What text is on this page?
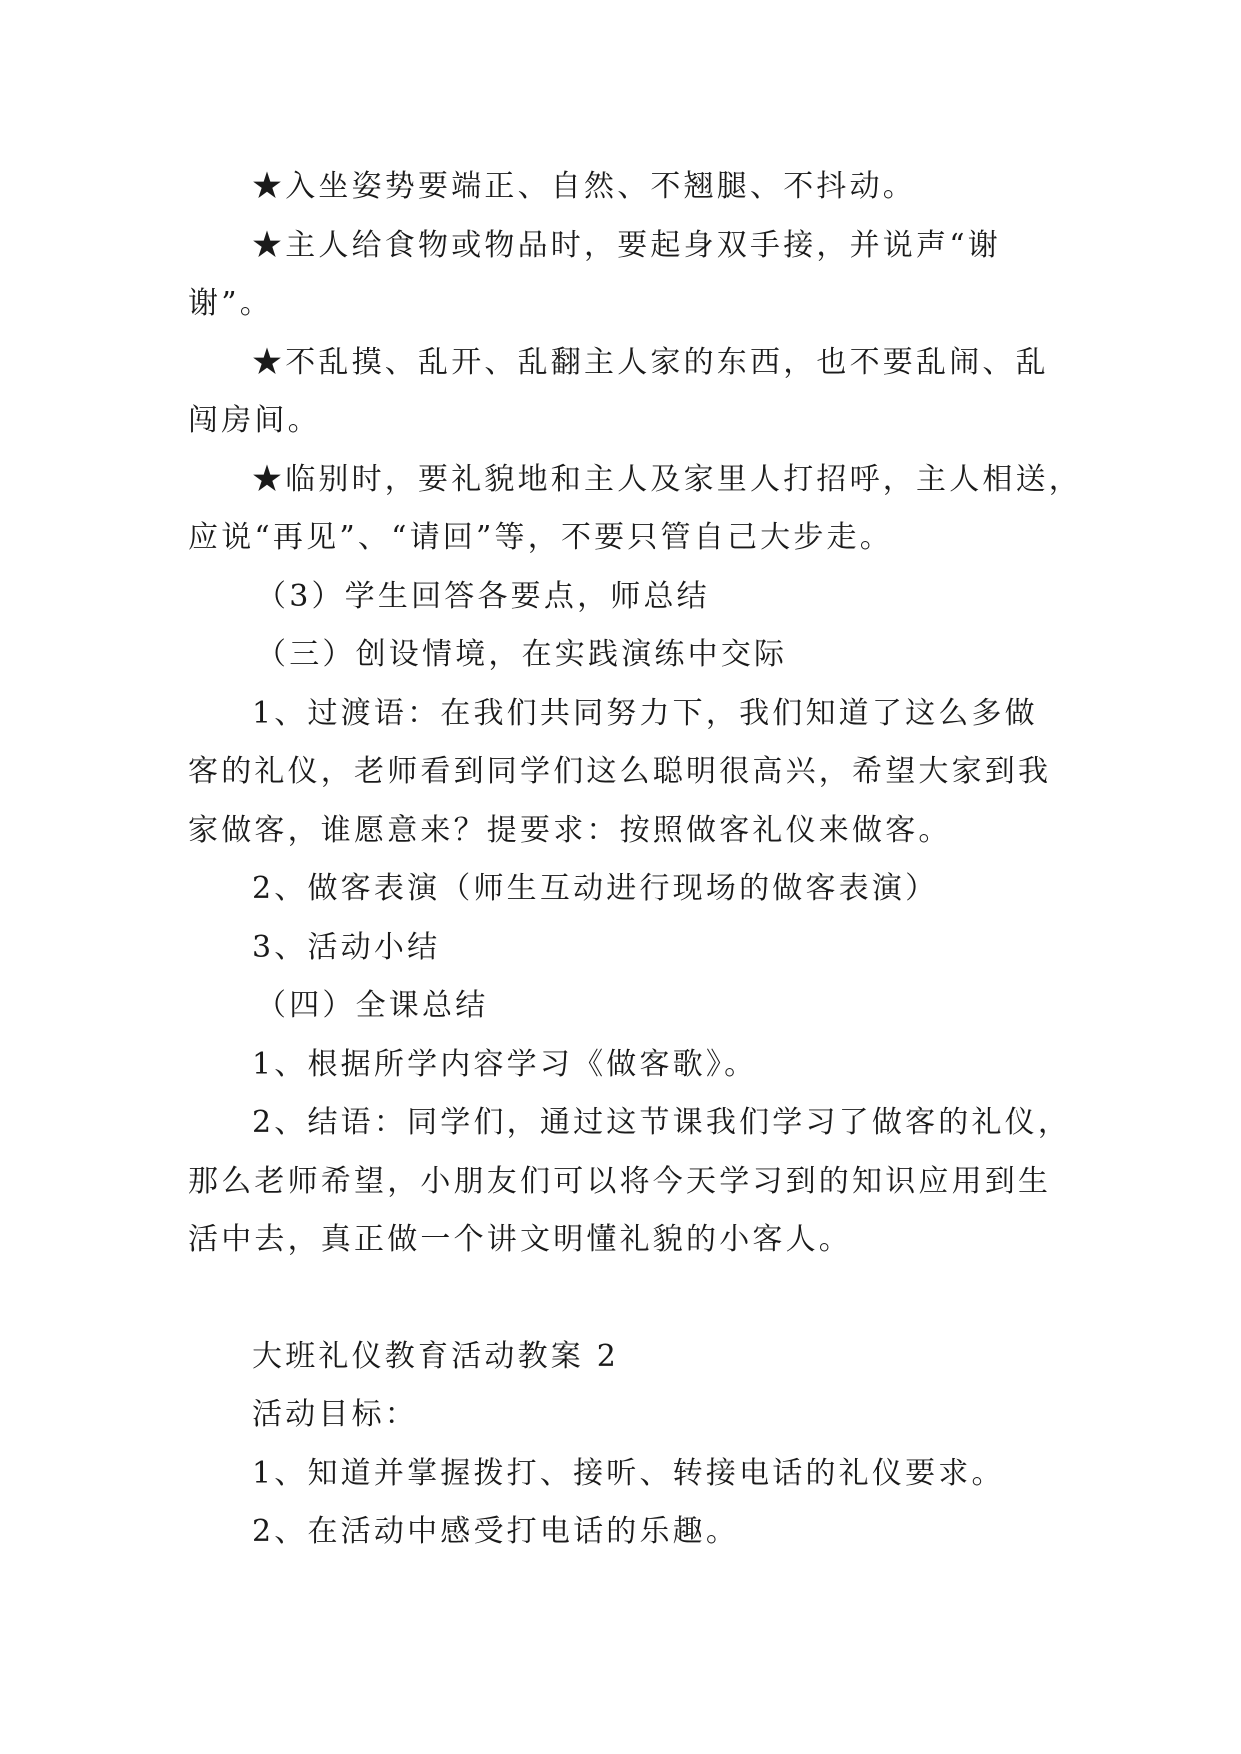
★入坐姿势要端正、自然、不翘腿、不抖动。
★主人给食物或物品时，要起身双手接，并说声“谢
谢”。
★不乱摸、乱开、乱翻主人家的东西，也不要乱闹、乱
闯房间。
★临别时，要礼貌地和主人及家里人打招呼，主人相送，
应说“再见”、“请回”等，不要只管自己大步走。
（3）学生回答各要点，师总结
（三）创设情境，在实践演练中交际
1、过渡语：在我们共同努力下，我们知道了这么多做
客的礼仪，老师看到同学们这么聪明很高兴，希望大家到我
家做客，谁愿意来？提要求：按照做客礼仪来做客。
2、做客表演（师生互动进行现场的做客表演）
3、活动小结
（四）全课总结
1、根据所学内容学习《做客歌》。
2、结语：同学们，通过这节课我们学习了做客的礼仪，
那么老师希望，小朋友们可以将今天学习到的知识应用到生
活中去，真正做一个讲文明懂礼貌的小客人。
大班礼仪教育活动教案 2
活动目标：
1、知道并掌握拨打、接听、转接电话的礼仪要求。
2、在活动中感受打电话的乐趣。
